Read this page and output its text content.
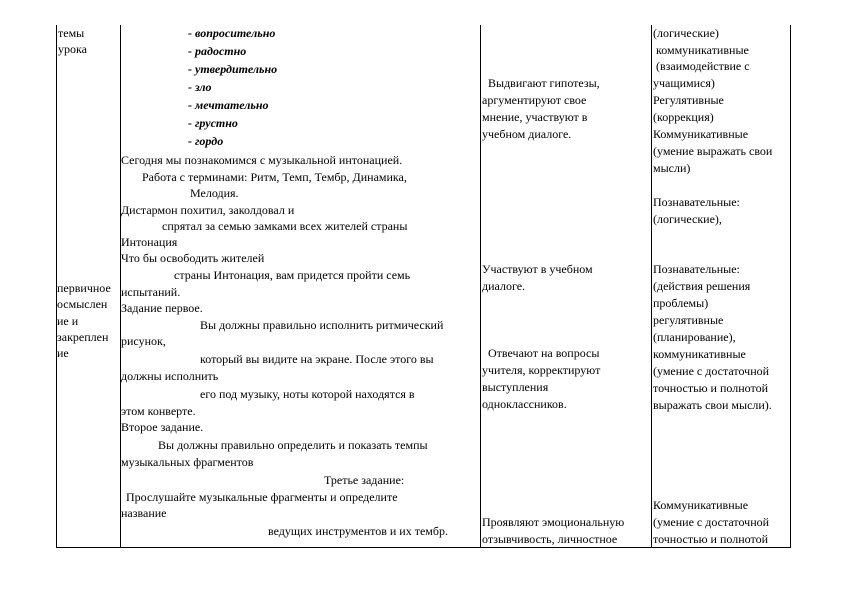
темы
урока
первичное
осмыслен
ие и
закреплен
ие
- вопросительно
- радостно
- утвердительно
- зло
- мечтательно
- грустно
- гордо
Сегодня мы познакомимся с музыкальной интонацией.
Работа с терминами: Ритм, Темп, Тембр, Динамика,
Мелодия.
Дистармон похитил, заколдовал и
спрятал за семью замками всех жителей страны
Интонация
Что бы освободить жителей
страны Интонация, вам придется пройти семь
испытаний.
Задание первое.
Вы должны правильно исполнить ритмический
рисунок,
который вы видите на экране. После этого вы
должны исполнить
его под музыку, ноты которой находятся в
этом конверте.
Второе задание.
Вы должны правильно определить и показать темпы
музыкальных фрагментов
Третье задание:
Прослушайте музыкальные фрагменты и определите
название
ведущих инструментов и их тембр.
Выдвигают гипотезы,
аргументируют свое
мнение, участвуют в
учебном диалоге.
Участвуют в учебном
диалоге.
Отвечают на вопросы
учителя, корректируют
выступления
одноклассников.
Проявляют эмоциональную
отзывчивость, личностное
(логические)
коммуникативные
(взаимодействие с
учащимися)
Регулятивные
(коррекция)
Коммуникативные
(умение выражать свои
мысли)
Познавательные:
(логические),
Познавательные:
(действия решения
проблемы)
регулятивные
(планирование),
коммуникативные
(умение с достаточной
точностью и полнотой
выражать свои мысли).
Коммуникативные
(умение с достаточной
точностью и полнотой
